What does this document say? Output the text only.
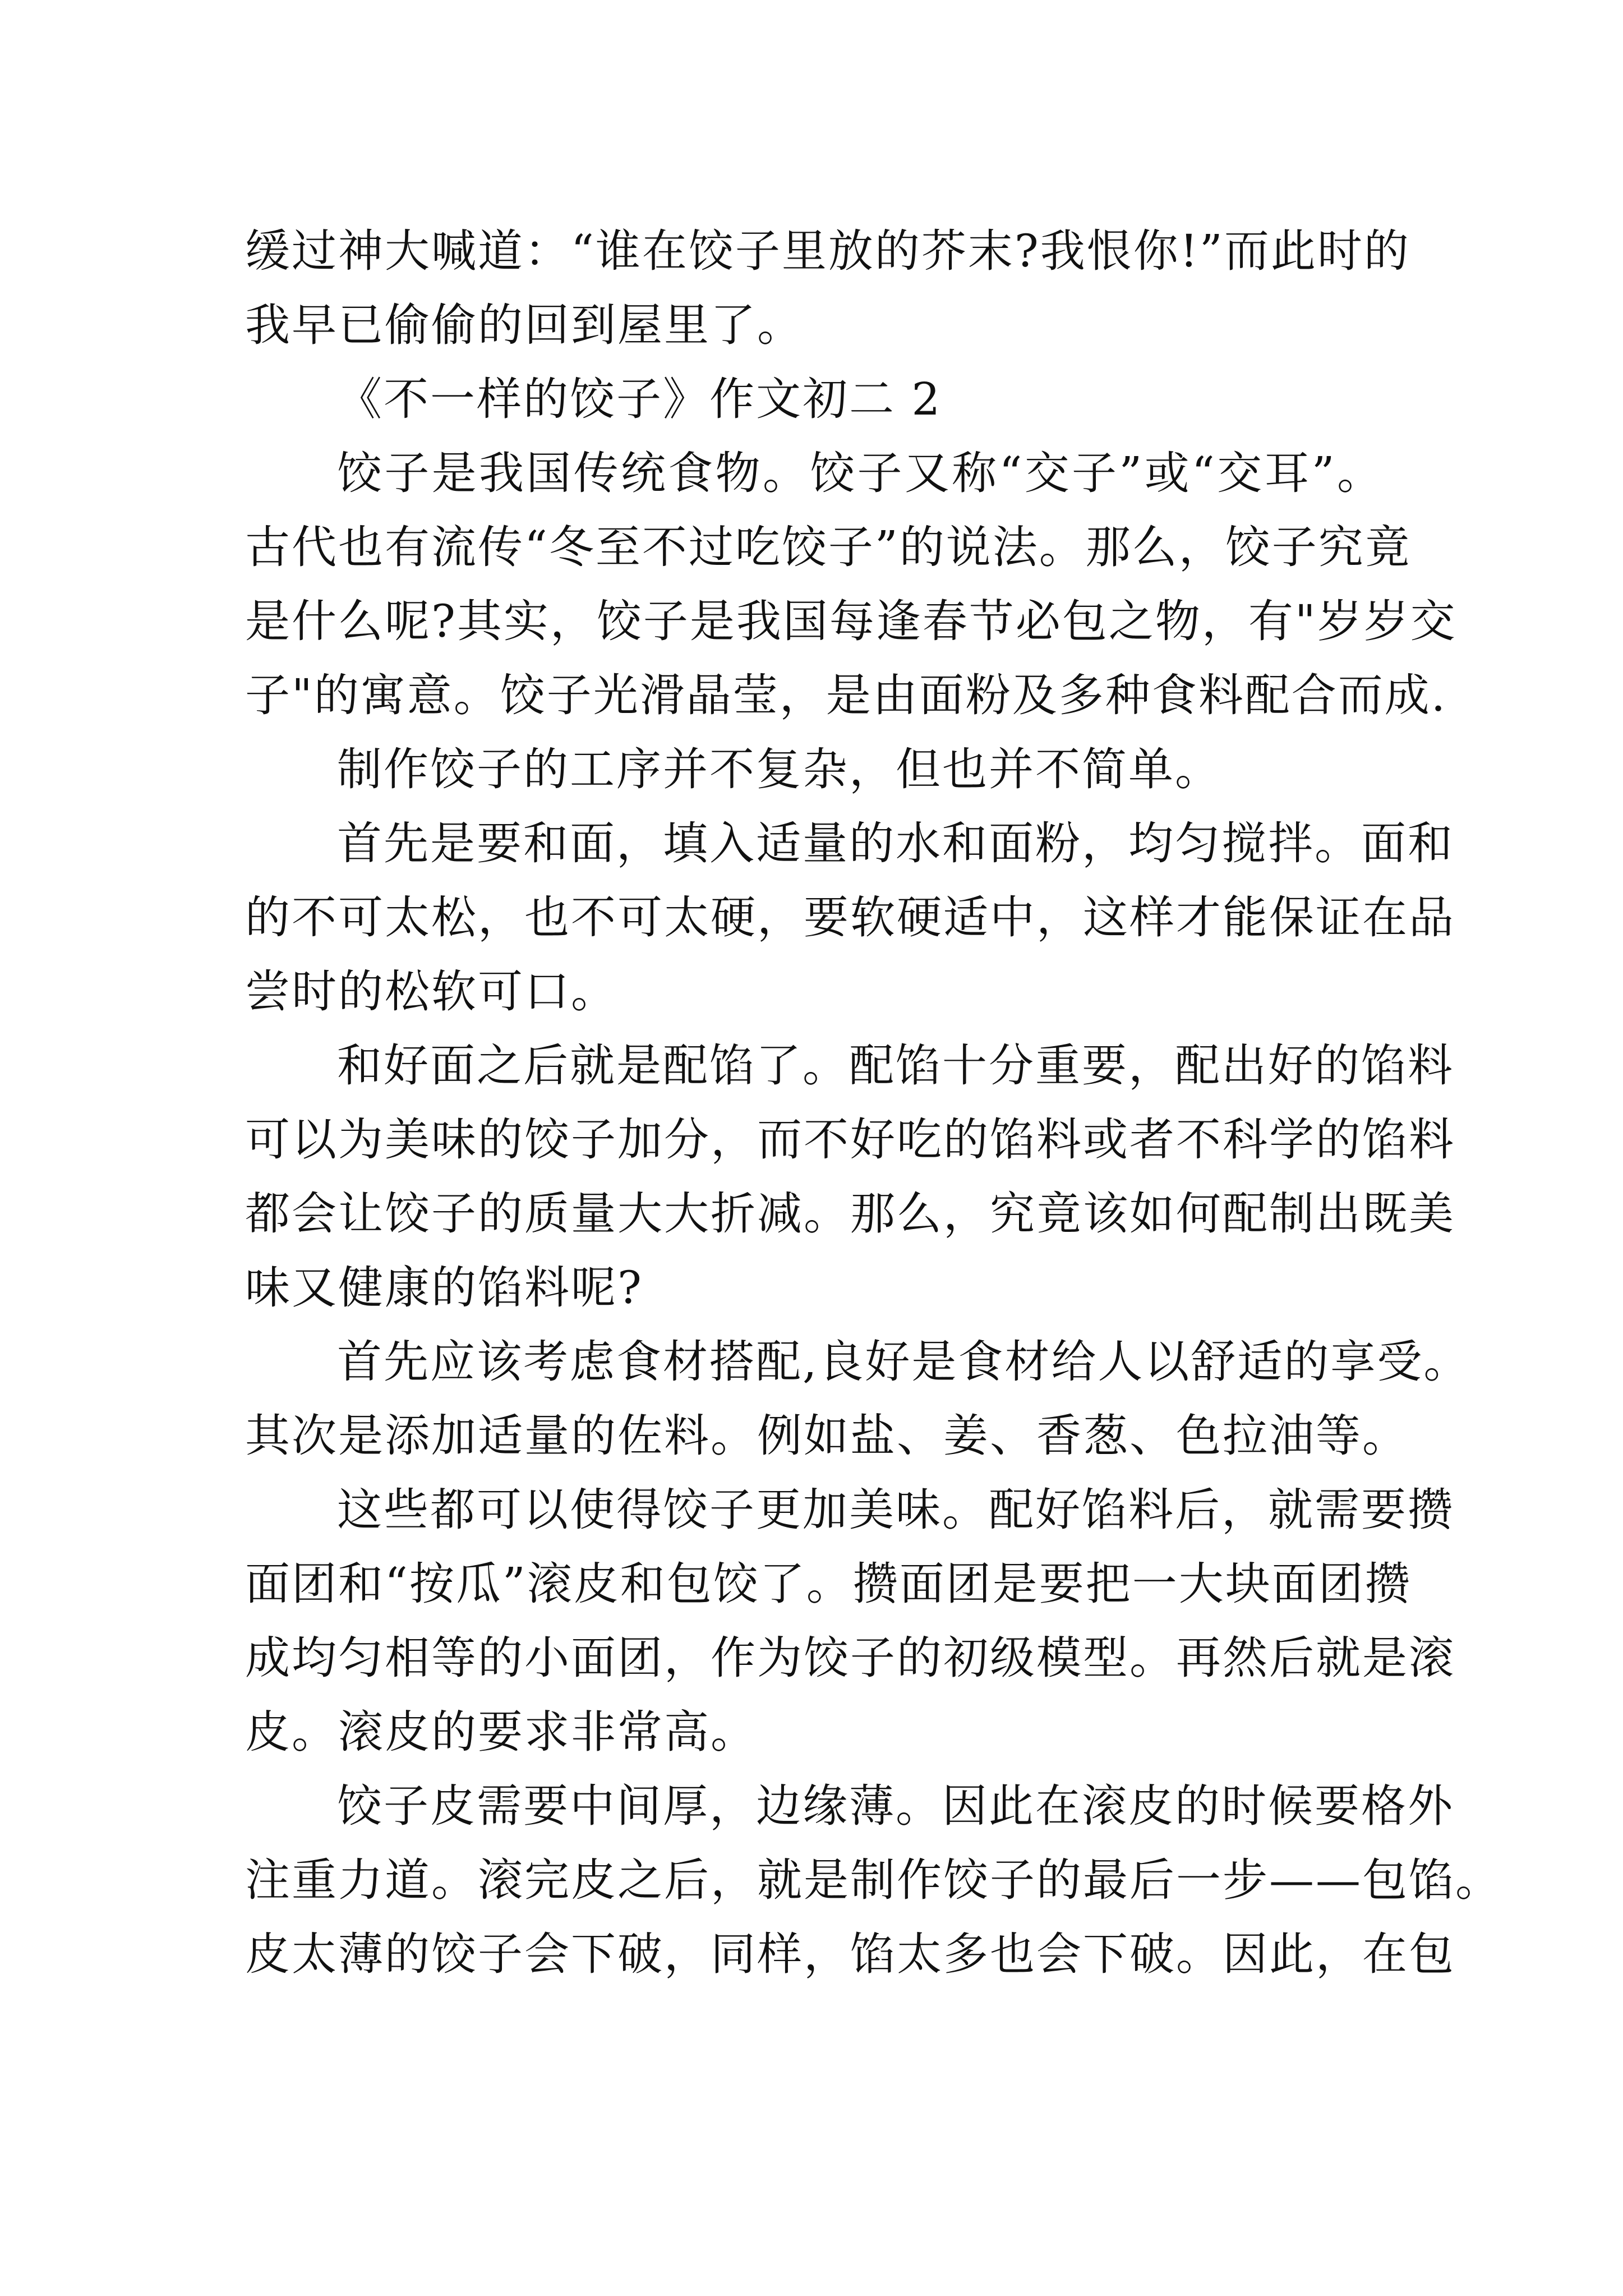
缓过神大喊道：“谁在饺子里放的芥末?我恨你!”而此时的
我早已偷偷的回到屋里了。
《不一样的饺子》作文初二 2
饺子是我国传统食物。饺子又称“交子”或“交耳”。
古代也有流传“冬至不过吃饺子”的说法。那么，饺子究竟
是什么呢?其实，饺子是我国每逢春节必包之物，有"岁岁交
子"的寓意。饺子光滑晶莹，是由面粉及多种食料配合而成.
制作饺子的工序并不复杂，但也并不简单。
首先是要和面，填入适量的水和面粉，均匀搅拌。面和
的不可太松，也不可太硬，要软硬适中，这样才能保证在品
尝时的松软可口。
和好面之后就是配馅了。配馅十分重要，配出好的馅料
可以为美味的饺子加分，而不好吃的馅料或者不科学的馅料
都会让饺子的质量大大折减。那么，究竟该如何配制出既美
味又健康的馅料呢?
首先应该考虑食材搭配,良好是食材给人以舒适的享受。
其次是添加适量的佐料。例如盐、姜、香葱、色拉油等。
这些都可以使得饺子更加美味。配好馅料后，就需要攒
面团和“按瓜”滚皮和包饺了。攒面团是要把一大块面团攒
成均匀相等的小面团，作为饺子的初级模型。再然后就是滚
皮。滚皮的要求非常高。
饺子皮需要中间厚，边缘薄。因此在滚皮的时候要格外
注重力道。滚完皮之后，就是制作饺子的最后一步——包馅。
皮太薄的饺子会下破，同样，馅太多也会下破。因此，在包
